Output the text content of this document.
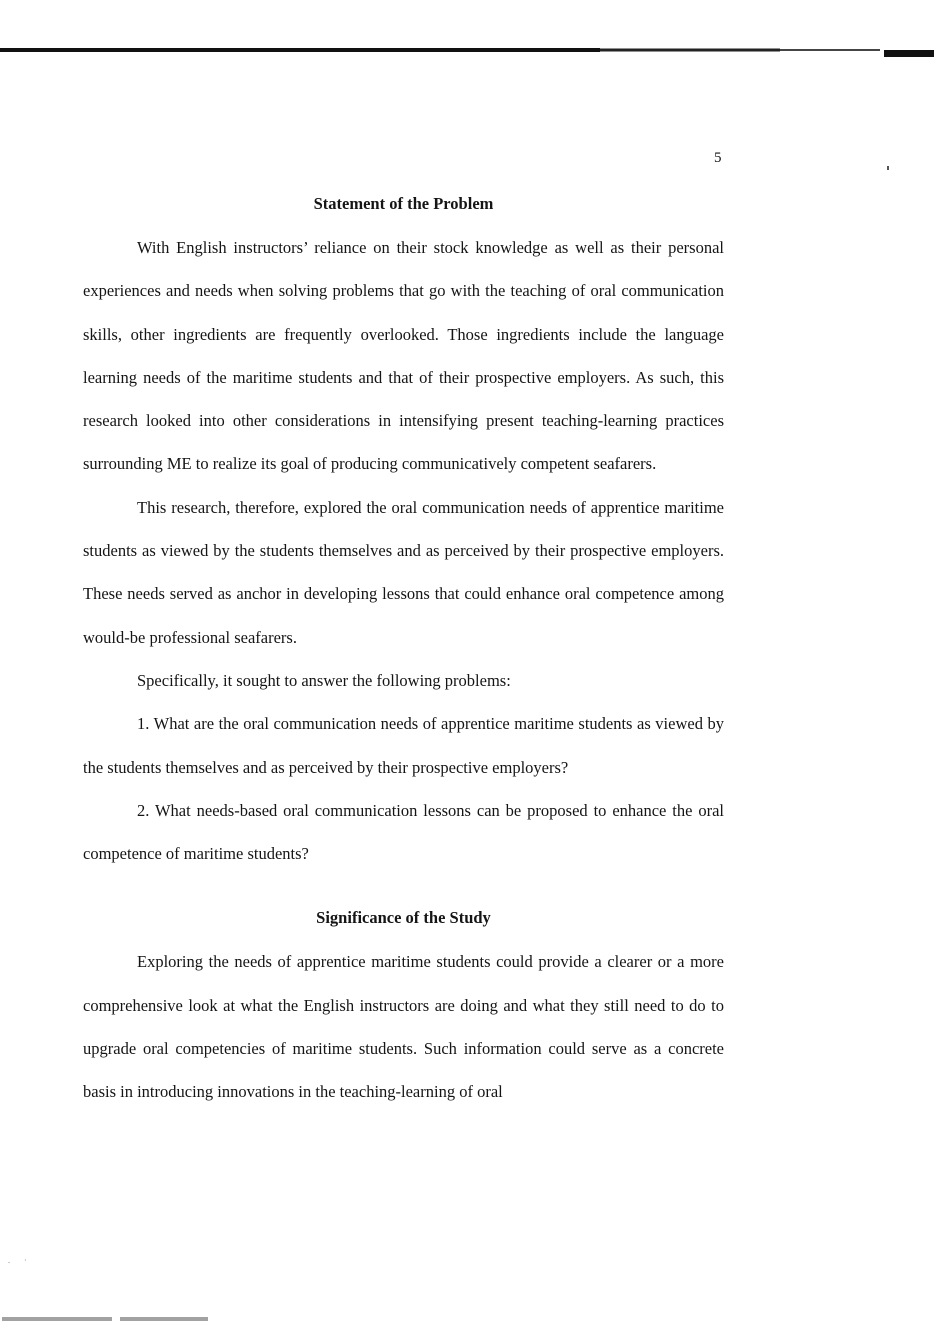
5
Statement of the Problem

With English instructors’ reliance on their stock knowledge as well as their personal experiences and needs when solving problems that go with the teaching of oral communication skills, other ingredients are frequently overlooked. Those ingredients include the language learning needs of the maritime students and that of their prospective employers. As such, this research looked into other considerations in intensifying present teaching-learning practices surrounding ME to realize its goal of producing communicatively competent seafarers.

This research, therefore, explored the oral communication needs of apprentice maritime students as viewed by the students themselves and as perceived by their prospective employers. These needs served as anchor in developing lessons that could enhance oral competence among would-be professional seafarers.

Specifically, it sought to answer the following problems:

1. What are the oral communication needs of apprentice maritime students as viewed by the students themselves and as perceived by their prospective employers?

2. What needs-based oral communication lessons can be proposed to enhance the oral competence of maritime students?

Significance of the Study

Exploring the needs of apprentice maritime students could provide a clearer or a more comprehensive look at what the English instructors are doing and what they still need to do to upgrade oral competencies of maritime students. Such information could serve as a concrete basis in introducing innovations in the teaching-learning of oral

. ·
